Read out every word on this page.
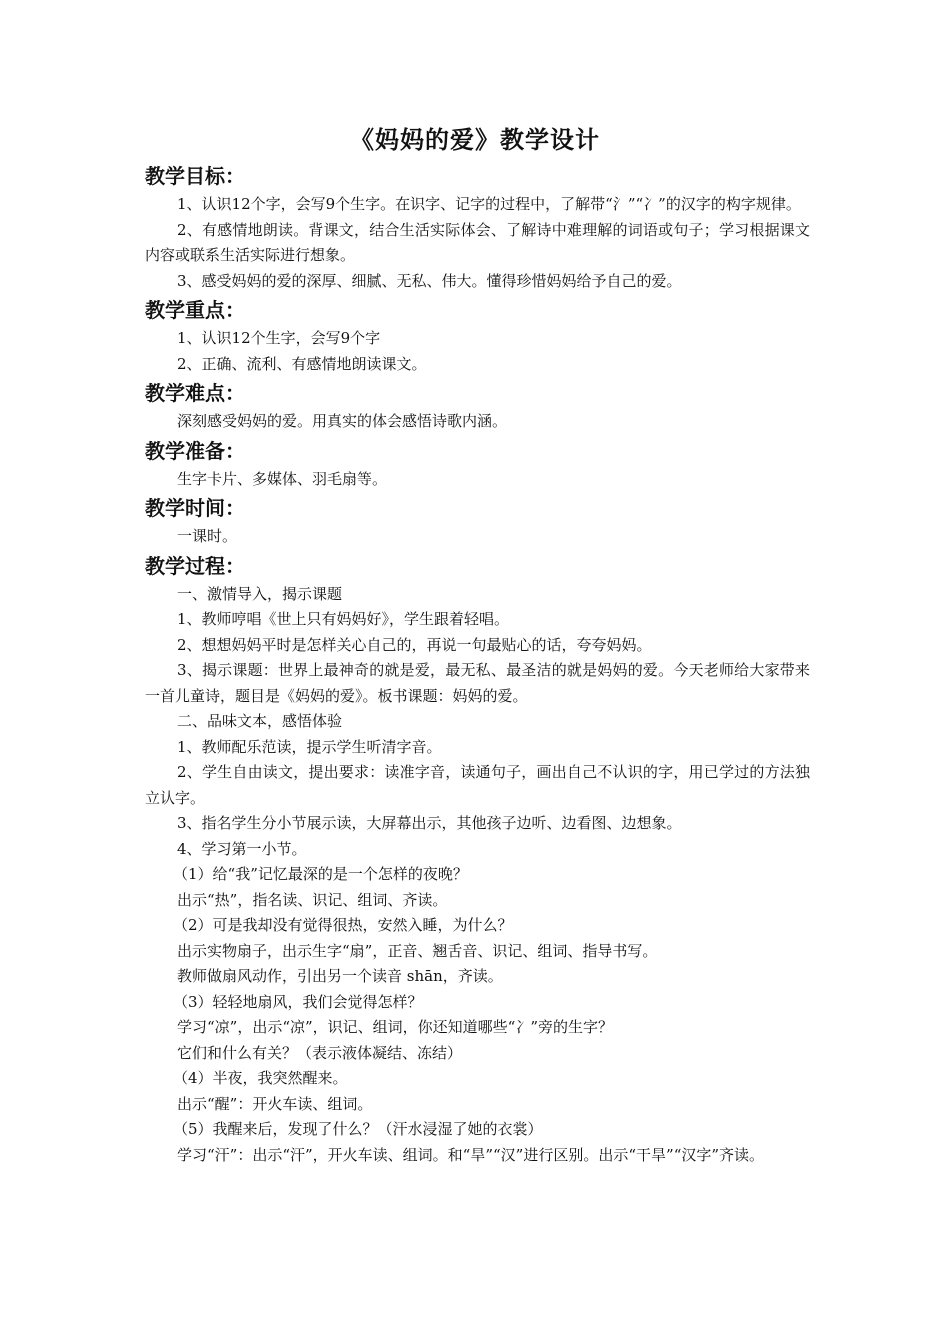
《妈妈的爱》教学设计
教学目标：
1、认识12个字，会写9个生字。在识字、记字的过程中，了解带“氵”“冫”的汉字的构字规律。
2、有感情地朗读。背课文，结合生活实际体会、了解诗中难理解的词语或句子；学习根据课文内容或联系生活实际进行想象。
3、感受妈妈的爱的深厚、细腻、无私、伟大。懂得珍惜妈妈给予自己的爱。
教学重点：
1、认识12个生字，会写9个字
2、正确、流利、有感情地朗读课文。
教学难点：
深刻感受妈妈的爱。用真实的体会感悟诗歌内涵。
教学准备：
生字卡片、多媒体、羽毛扇等。
教学时间：
一课时。
教学过程：
一、激情导入，揭示课题
1、教师哼唱《世上只有妈妈好》，学生跟着轻唱。
2、想想妈妈平时是怎样关心自己的，再说一句最贴心的话，夸夸妈妈。
3、揭示课题：世界上最神奇的就是爱，最无私、最圣洁的就是妈妈的爱。今天老师给大家带来一首儿童诗，题目是《妈妈的爱》。板书课题：妈妈的爱。
二、品味文本，感悟体验
1、教师配乐范读，提示学生听清字音。
2、学生自由读文，提出要求：读准字音，读通句子，画出自己不认识的字，用已学过的方法独立认字。
3、指名学生分小节展示读，大屏幕出示，其他孩子边听、边看图、边想象。
4、学习第一小节。
（1）给“我”记忆最深的是一个怎样的夜晚？
出示“热”，指名读、识记、组词、齐读。
（2）可是我却没有觉得很热，安然入睡，为什么？
出示实物扇子，出示生字“扇”，正音、翘舌音、识记、组词、指导书写。
教师做扇风动作，引出另一个读音 shān，齐读。
（3）轻轻地扇风，我们会觉得怎样？
学习“凉”，出示“凉”，识记、组词，你还知道哪些“冫”旁的生字？
它们和什么有关？（表示液体凝结、冻结）
（4）半夜，我突然醒来。
出示“醒”：开火车读、组词。
（5）我醒来后，发现了什么？（汗水浸湿了她的衣裳）
学习“汗”：出示“汗”，开火车读、组词。和“旱”“汉”进行区别。出示“干旱”“汉字”齐读。
